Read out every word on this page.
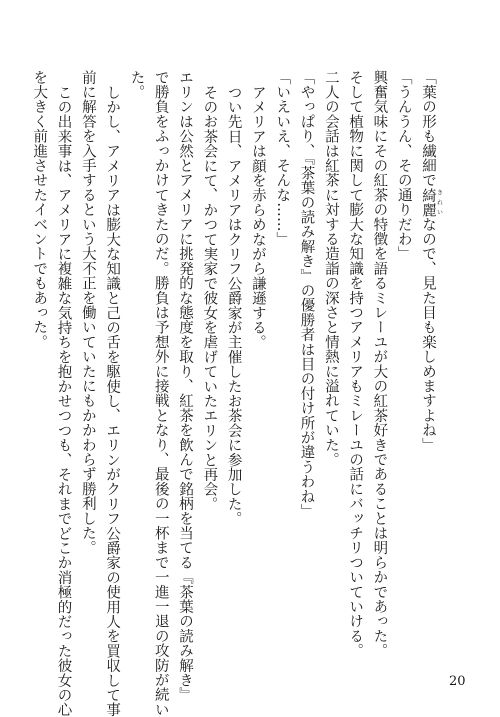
「葉の形も繊細で綺麗 きれいなので、見た目も楽しめますよね」
「うんうん、その通りだわ」
興奮気味にその紅茶の特徴を語るミレーユが大の紅茶好きであることは明らかであった。
そして植物に関して膨大な知識を持つアメリアもミレーユの話にバッチリついていける。
二人の会話は紅茶に対する造詣の深さと情熱に溢れていた。
「やっぱり、『茶葉の読み解き』の優勝者は目の付け所が違うわね」
「いえいえ、そんな……」
アメリアは顔を赤らめながら謙遜する。
つい先日、アメリアはクリフ公爵家が主催したお茶会に参加した。
そのお茶会にて、かつて実家で彼女を虐げていたエリンと再会。
エリンは公然とアメリアに挑発的な態度を取り、紅茶を飲んで銘柄を当てる『茶葉の読み解き』
で勝負をふっかけてきたのだ。勝負は予想外に接戦となり、最後の一杯まで一進一退の攻防が続い
た。
しかし、アメリアは膨大な知識と己の舌を駆使し、エリンがクリフ公爵家の使用人を買収して事
前に解答を入手するという大不正を働いていたにもかかわらず勝利した。
この出来事は、アメリアに複雑な気持ちを抱かせつつも、それまでどこか消極的だった彼女の心
を大きく前進させたイベントでもあった。
20
